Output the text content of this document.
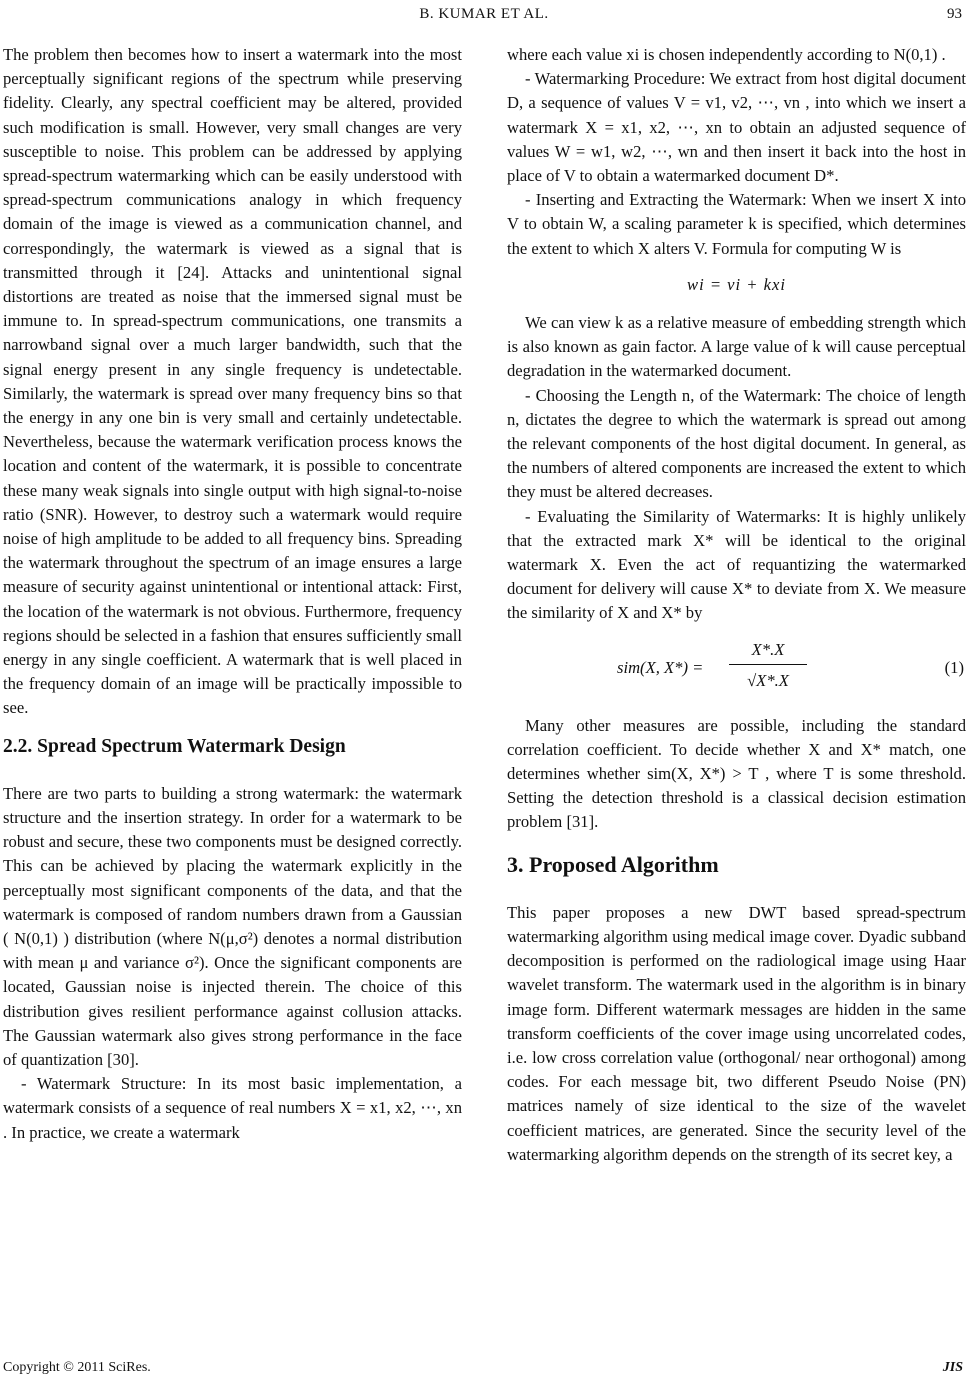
B. KUMAR ET AL.	93

The problem then becomes how to insert a watermark into the most perceptually significant regions of the spectrum while preserving fidelity. Clearly, any spectral coefficient may be altered, provided such modification is small. However, very small changes are very susceptible to noise. This problem can be addressed by applying spread-spectrum watermarking which can be easily understood with spread-spectrum communications analogy in which frequency domain of the image is viewed as a communication channel, and correspondingly, the watermark is viewed as a signal that is transmitted through it [24]. Attacks and unintentional signal distortions are treated as noise that the immersed signal must be immune to. In spread-spectrum communications, one transmits a narrowband signal over a much larger bandwidth, such that the signal energy present in any single frequency is undetectable. Similarly, the watermark is spread over many frequency bins so that the energy in any one bin is very small and certainly undetectable. Nevertheless, because the watermark verification process knows the location and content of the watermark, it is possible to concentrate these many weak signals into single output with high signal-to-noise ratio (SNR). However, to destroy such a watermark would require noise of high amplitude to be added to all frequency bins. Spreading the watermark throughout the spectrum of an image ensures a large measure of security against unintentional or intentional attack: First, the location of the watermark is not obvious. Furthermore, frequency regions should be selected in a fashion that ensures sufficiently small energy in any single coefficient. A watermark that is well placed in the frequency domain of an image will be practically impossible to see.

2.2. Spread Spectrum Watermark Design

There are two parts to building a strong watermark: the watermark structure and the insertion strategy. In order for a watermark to be robust and secure, these two components must be designed correctly. This can be achieved by placing the watermark explicitly in the perceptually most significant components of the data, and that the watermark is composed of random numbers drawn from a Gaussian ( N(0,1) ) distribution (where N(μ,σ²) denotes a normal distribution with mean μ and variance σ²). Once the significant components are located, Gaussian noise is injected therein. The choice of this distribution gives resilient performance against collusion attacks. The Gaussian watermark also gives strong performance in the face of quantization [30].

- Watermark Structure: In its most basic implementation, a watermark consists of a sequence of real numbers X = x1, x2, ⋯, xn . In practice, we create a watermark

where each value xi is chosen independently according to N(0,1) .

- Watermarking Procedure: We extract from host digital document D, a sequence of values V = v1, v2, ⋯, vn , into which we insert a watermark X = x1, x2, ⋯, xn to obtain an adjusted sequence of values W = w1, w2, ⋯, wn and then insert it back into the host in place of V to obtain a watermarked document D*.

- Inserting and Extracting the Watermark: When we insert X into V to obtain W, a scaling parameter k is specified, which determines the extent to which X alters V. Formula for computing W is

wi = vi + kxi

We can view k as a relative measure of embedding strength which is also known as gain factor. A large value of k will cause perceptual degradation in the watermarked document.

- Choosing the Length n, of the Watermark: The choice of length n, dictates the degree to which the watermark is spread out among the relevant components of the host digital document. In general, as the numbers of altered components are increased the extent to which they must be altered decreases.

- Evaluating the Similarity of Watermarks: It is highly unlikely that the extracted mark X* will be identical to the original watermark X. Even the act of requantizing the watermarked document for delivery will cause X* to deviate from X. We measure the similarity of X and X* by

sim(X, $X*) = \frac{X*.X}{√X*.X}$	(1)

Many other measures are possible, including the standard correlation coefficient. To decide whether X and X* match, one determines whether sim(X, X*) > T , where T is some threshold. Setting the detection threshold is a classical decision estimation problem [31].

3. Proposed Algorithm

This paper proposes a new DWT based spread-spectrum watermarking algorithm using medical image cover. Dyadic subband decomposition is performed on the radiological image using Haar wavelet transform. The watermark used in the algorithm is in binary image form. Different watermark messages are hidden in the same transform coefficients of the cover image using uncorrelated codes, i.e. low cross correlation value (orthogonal/ near orthogonal) among codes. For each message bit, two different Pseudo Noise (PN) matrices namely of size identical to the size of the wavelet coefficient matrices, are generated. Since the security level of the watermarking algorithm depends on the strength of its secret key, a

Copyright © 2011 SciRes.	JIS
